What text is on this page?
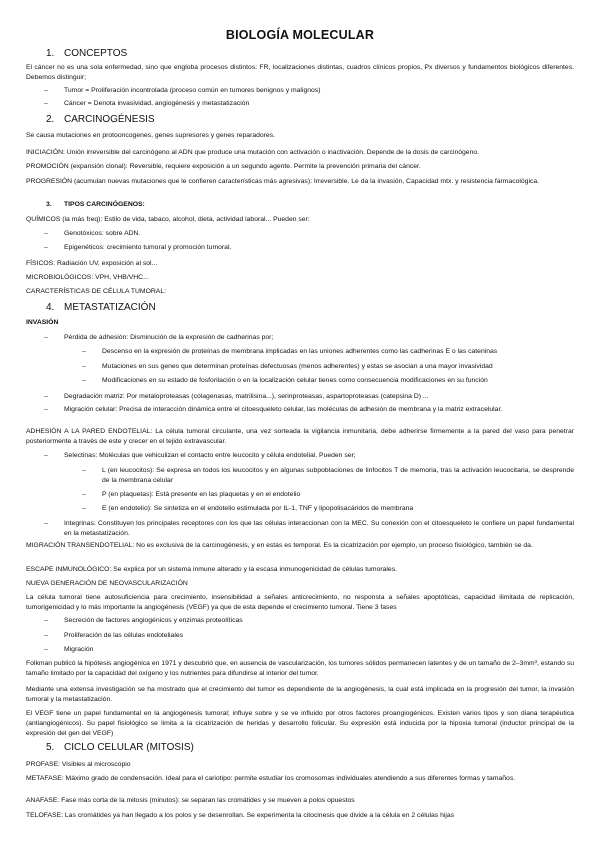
BIOLOGÍA MOLECULAR
1. CONCEPTOS
El cáncer no es una sola enfermedad, sino que engloba procesos distintos: FR, localizaciones distintas, cuadros clínicos propios, Px diversos y fundamentos biológicos diferentes. Debemos distinguir;
– Tumor = Proliferación incontrolada (proceso común en tumores benignos y malignos)
– Cáncer = Denota invasividad, angiogénesis y metastatización
2. CARCINOGÉNESIS
Se causa mutaciones en protooncogenes, genes supresores y genes reparadores.
INICIACIÓN: Unión irreversible del carcinógeno al ADN que produce una mutación con activación o inactivación. Depende de la dosis de carcinógeno.
PROMOCIÓN (expansión clonal): Reversible, requiere exposición a un segundo agente. Permite la prevención primaria del cáncer.
PROGRESIÓN (acumulan nuevas mutaciones que le confieren características más agresivas): Irreversible. Le da la invasión, Capacidad mtx. y resistencia farmacológica.
3. TIPOS CARCINÓGENOS:
QUÍMICOS (la más freq): Estilo de vida, tabaco, alcohol, dieta, actividad laboral... Pueden ser:
– Genotóxicos: sobre ADN.
– Epigenéticos: crecimiento tumoral y promoción tumoral.
FÍSICOS: Radiación UV, exposición al sol...
MICROBIOLÓGICOS: VPH, VHB/VHC...
CARACTERÍSTICAS DE CÉLULA TUMORAL:
4. METASTATIZACIÓN
INVASIÓN
– Pérdida de adhesión: Disminución de la expresión de cadherinas por;
– Descenso en la expresión de proteínas de membrana implicadas en las uniones adherentes como las cadherinas E o las cateninas
– Mutaciones en sus genes que determinan proteínas defectuosas (menos adherentes) y estas se asocian a una mayor invasividad
– Modificaciones en su estado de fosforilación o en la localización celular tienes como consecuencia modificaciones en su función
– Degradación matriz: Por metaloproteasas (colagenasas, matrilisina...), serinproteasas, aspartoproteasas (catepsina D) ...
– Migración celular: Precisa de interacción dinámica entre el citoesqueleto celular, las moléculas de adhesión de membrana y la matriz extracelular.
ADHESIÓN A LA PARED ENDOTELIAL: La célula tumoral circulante, una vez sorteada la vigilancia inmunitaria, debe adherirse firmemente a la pared del vaso para penetrar posteriormente a través de este y crecer en el tejido extravascular.
– Selectinas: Moléculas que vehiculizan el contacto entre leucocito y célula endotelial. Pueden ser;
– L (en leucocitos): Se expresa en todos los leucocitos y en algunas subpoblaciones de linfocitos T de memoria, tras la activación leucocitaria, se desprende de la membrana celular
– P (en plaquetas): Está presente en las plaquetas y en el endotelio
– E (en endotelio): Se sintetiza en el endotelio estimulada por IL-1, TNF y lipopolisacáridos de membrana
– Integrinas: Constituyen los principales receptores con los que las células interaccionan con la MEC. Su conexión con el citoesqueleto le confiere un papel fundamental en la metastatización.
MIGRACIÓN TRANSENDOTELIAL: No es exclusiva de la carcinogénesis, y en estas es temporal. Es la cicatrización por ejemplo, un proceso fisiológico, también se da.
ESCAPE INMUNOLÓGICO: Se explica por un sistema inmune alterado y la escasa inmunogenicidad de células tumorales.
NUEVA GENERACIÓN DE NEOVASCULARIZACIÓN
La célula tumoral tiene autosuficiencia para crecimiento, insensibilidad a señales anticrecimiento, no responsta a señales apoptóticas, capacidad ilimitada de replicación, tumorigenicidad y lo más importante la angiogénesis (VEGF) ya que de esta depende el crecimiento tumoral. Tiene 3 fases
– Secreción de factores angiogénicos y enzimas proteolíticas
– Proliferación de las células endoteliales
– Migración
Folkman publicó la hipótesis angiogénica en 1971 y descubrió que, en ausencia de vascularización, los tumores sólidos permanecen latentes y de un tamaño de 2–3mm³, estando su tamaño limitado por la capacidad del oxígeno y los nutrientes para difundirse al interior del tumor.
Mediante una extensa investigación se ha mostrado que el crecimiento del tumor es dependiente de la angiogénesis, la cual está implicada en la progresión del tumor, la invasión tumoral y la metastatización.
El VEGF tiene un papel fundamental en la angiogénesis tumoral; influye sobre y se ve influido por otros factores proangiogénicos. Existen varios tipos y son diana terapéutica (antiangiogénicos). Su papel fisiológico se limita a la cicatrización de heridas y desarrollo folicular. Su expresión está inducida por la hipoxia tumoral (inductor principal de la expresión del gen del VEGF)
5. CICLO CELULAR (MITOSIS)
PROFASE: Visibles al microscopio
METAFASE: Máximo grado de condensación. Ideal para el cariotipo: permite estudiar los cromosomas individuales atendiendo a sus diferentes formas y tamaños.
ANAFASE: Fase más corta de la mitosis (minutos): se separan las cromátides y se mueven a polos opuestos
TELOFASE: Las cromátides ya han llegado a los polos y se desenrollan. Se experimenta la citocinesis que divide a la célula en 2 células hijas
